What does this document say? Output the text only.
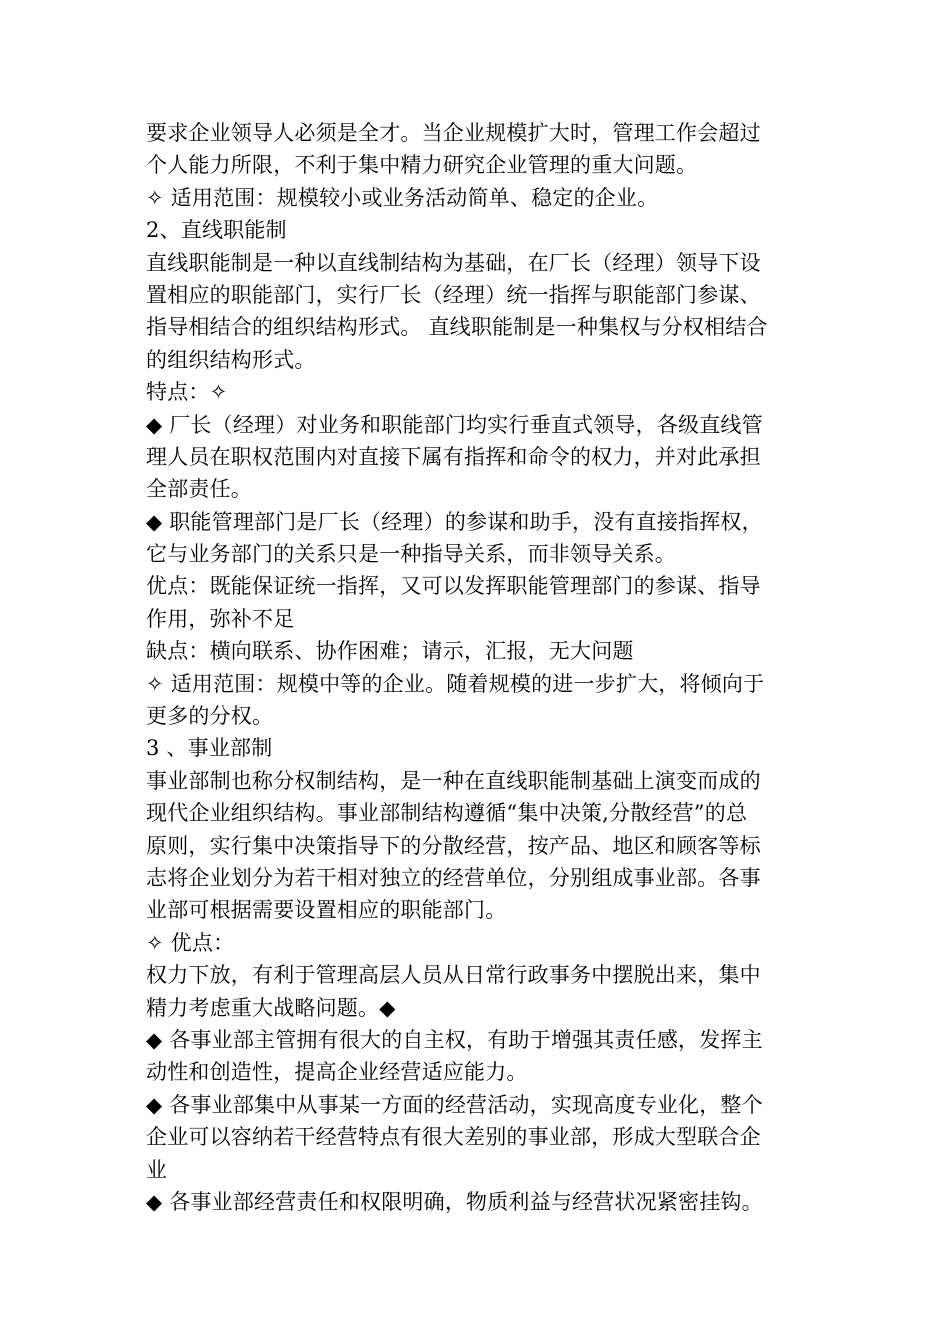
要求企业领导人必须是全才。当企业规模扩大时，管理工作会超过
个人能力所限，不利于集中精力研究企业管理的重大问题。
✧ 适用范围：规模较小或业务活动简单、稳定的企业。
2、直线职能制
直线职能制是一种以直线制结构为基础，在厂长（经理）领导下设
置相应的职能部门，实行厂长（经理）统一指挥与职能部门参谋、
指导相结合的组织结构形式。 直线职能制是一种集权与分权相结合
的组织结构形式。
特点：✧
◆ 厂长（经理）对业务和职能部门均实行垂直式领导，各级直线管
理人员在职权范围内对直接下属有指挥和命令的权力，并对此承担
全部责任。
◆ 职能管理部门是厂长（经理）的参谋和助手，没有直接指挥权，
它与业务部门的关系只是一种指导关系，而非领导关系。
优点：既能保证统一指挥，又可以发挥职能管理部门的参谋、指导
作用，弥补不足
缺点：横向联系、协作困难；请示，汇报，无大问题
✧ 适用范围：规模中等的企业。随着规模的进一步扩大，将倾向于
更多的分权。
3 、事业部制
事业部制也称分权制结构，是一种在直线职能制基础上演变而成的
现代企业组织结构。事业部制结构遵循“集中决策,分散经营”的总
原则，实行集中决策指导下的分散经营，按产品、地区和顾客等标
志将企业划分为若干相对独立的经营单位，分别组成事业部。各事
业部可根据需要设置相应的职能部门。
✧ 优点：
权力下放，有利于管理高层人员从日常行政事务中摆脱出来，集中
精力考虑重大战略问题。◆
◆ 各事业部主管拥有很大的自主权，有助于增强其责任感，发挥主
动性和创造性，提高企业经营适应能力。
◆ 各事业部集中从事某一方面的经营活动，实现高度专业化，整个
企业可以容纳若干经营特点有很大差别的事业部，形成大型联合企
业
◆ 各事业部经营责任和权限明确，物质利益与经营状况紧密挂钩。
